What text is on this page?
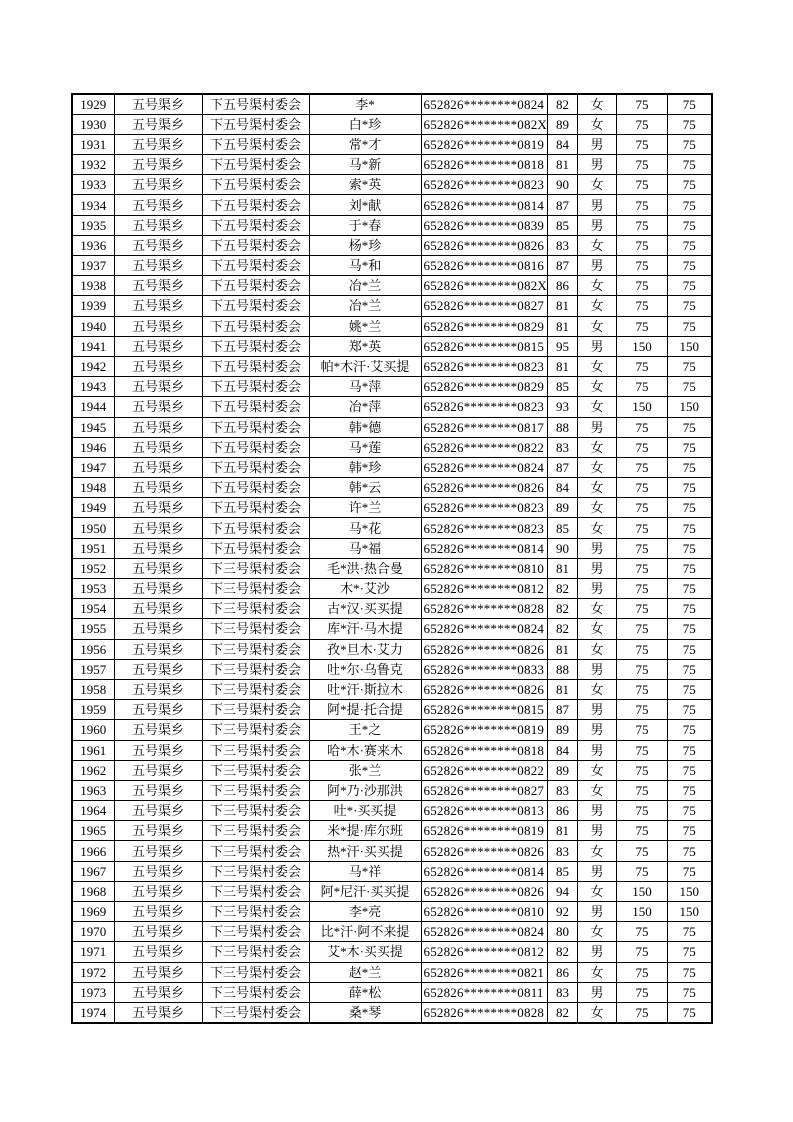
1929	五号渠乡	下五号渠村委会	李*	652826********0824	82	女	75	75
1930	五号渠乡	下五号渠村委会	白*珍	652826********082X	89	女	75	75
1931	五号渠乡	下五号渠村委会	常*才	652826********0819	84	男	75	75
1932	五号渠乡	下五号渠村委会	马*新	652826********0818	81	男	75	75
1933	五号渠乡	下五号渠村委会	索*英	652826********0823	90	女	75	75
1934	五号渠乡	下五号渠村委会	刘*献	652826********0814	87	男	75	75
1935	五号渠乡	下五号渠村委会	于*春	652826********0839	85	男	75	75
1936	五号渠乡	下五号渠村委会	杨*珍	652826********0826	83	女	75	75
1937	五号渠乡	下五号渠村委会	马*和	652826********0816	87	男	75	75
1938	五号渠乡	下五号渠村委会	冶*兰	652826********082X	86	女	75	75
1939	五号渠乡	下五号渠村委会	冶*兰	652826********0827	81	女	75	75
1940	五号渠乡	下五号渠村委会	姚*兰	652826********0829	81	女	75	75
1941	五号渠乡	下五号渠村委会	郑*英	652826********0815	95	男	150	150
1942	五号渠乡	下五号渠村委会	帕*木汗·艾买提	652826********0823	81	女	75	75
1943	五号渠乡	下五号渠村委会	马*萍	652826********0829	85	女	75	75
1944	五号渠乡	下五号渠村委会	冶*萍	652826********0823	93	女	150	150
1945	五号渠乡	下五号渠村委会	韩*德	652826********0817	88	男	75	75
1946	五号渠乡	下五号渠村委会	马*莲	652826********0822	83	女	75	75
1947	五号渠乡	下五号渠村委会	韩*珍	652826********0824	87	女	75	75
1948	五号渠乡	下五号渠村委会	韩*云	652826********0826	84	女	75	75
1949	五号渠乡	下五号渠村委会	许*兰	652826********0823	89	女	75	75
1950	五号渠乡	下五号渠村委会	马*花	652826********0823	85	女	75	75
1951	五号渠乡	下五号渠村委会	马*福	652826********0814	90	男	75	75
1952	五号渠乡	下三号渠村委会	毛*洪·热合曼	652826********0810	81	男	75	75
1953	五号渠乡	下三号渠村委会	木*·艾沙	652826********0812	82	男	75	75
1954	五号渠乡	下三号渠村委会	古*汉·买买提	652826********0828	82	女	75	75
1955	五号渠乡	下三号渠村委会	库*汗·马木提	652826********0824	82	女	75	75
1956	五号渠乡	下三号渠村委会	孜*旦木·艾力	652826********0826	81	女	75	75
1957	五号渠乡	下三号渠村委会	吐*尔·乌鲁克	652826********0833	88	男	75	75
1958	五号渠乡	下三号渠村委会	吐*汗·斯拉木	652826********0826	81	女	75	75
1959	五号渠乡	下三号渠村委会	阿*提·托合提	652826********0815	87	男	75	75
1960	五号渠乡	下三号渠村委会	王*之	652826********0819	89	男	75	75
1961	五号渠乡	下三号渠村委会	哈*木·赛来木	652826********0818	84	男	75	75
1962	五号渠乡	下三号渠村委会	张*兰	652826********0822	89	女	75	75
1963	五号渠乡	下三号渠村委会	阿*乃·沙那洪	652826********0827	83	女	75	75
1964	五号渠乡	下三号渠村委会	吐*·买买提	652826********0813	86	男	75	75
1965	五号渠乡	下三号渠村委会	米*提·库尔班	652826********0819	81	男	75	75
1966	五号渠乡	下三号渠村委会	热*汗·买买提	652826********0826	83	女	75	75
1967	五号渠乡	下三号渠村委会	马*祥	652826********0814	85	男	75	75
1968	五号渠乡	下三号渠村委会	阿*尼汗·买买提	652826********0826	94	女	150	150
1969	五号渠乡	下三号渠村委会	李*亮	652826********0810	92	男	150	150
1970	五号渠乡	下三号渠村委会	比*汗·阿不来提	652826********0824	80	女	75	75
1971	五号渠乡	下三号渠村委会	艾*木·买买提	652826********0812	82	男	75	75
1972	五号渠乡	下三号渠村委会	赵*兰	652826********0821	86	女	75	75
1973	五号渠乡	下三号渠村委会	薛*松	652826********0811	83	男	75	75
1974	五号渠乡	下三号渠村委会	桑*琴	652826********0828	82	女	75	75
